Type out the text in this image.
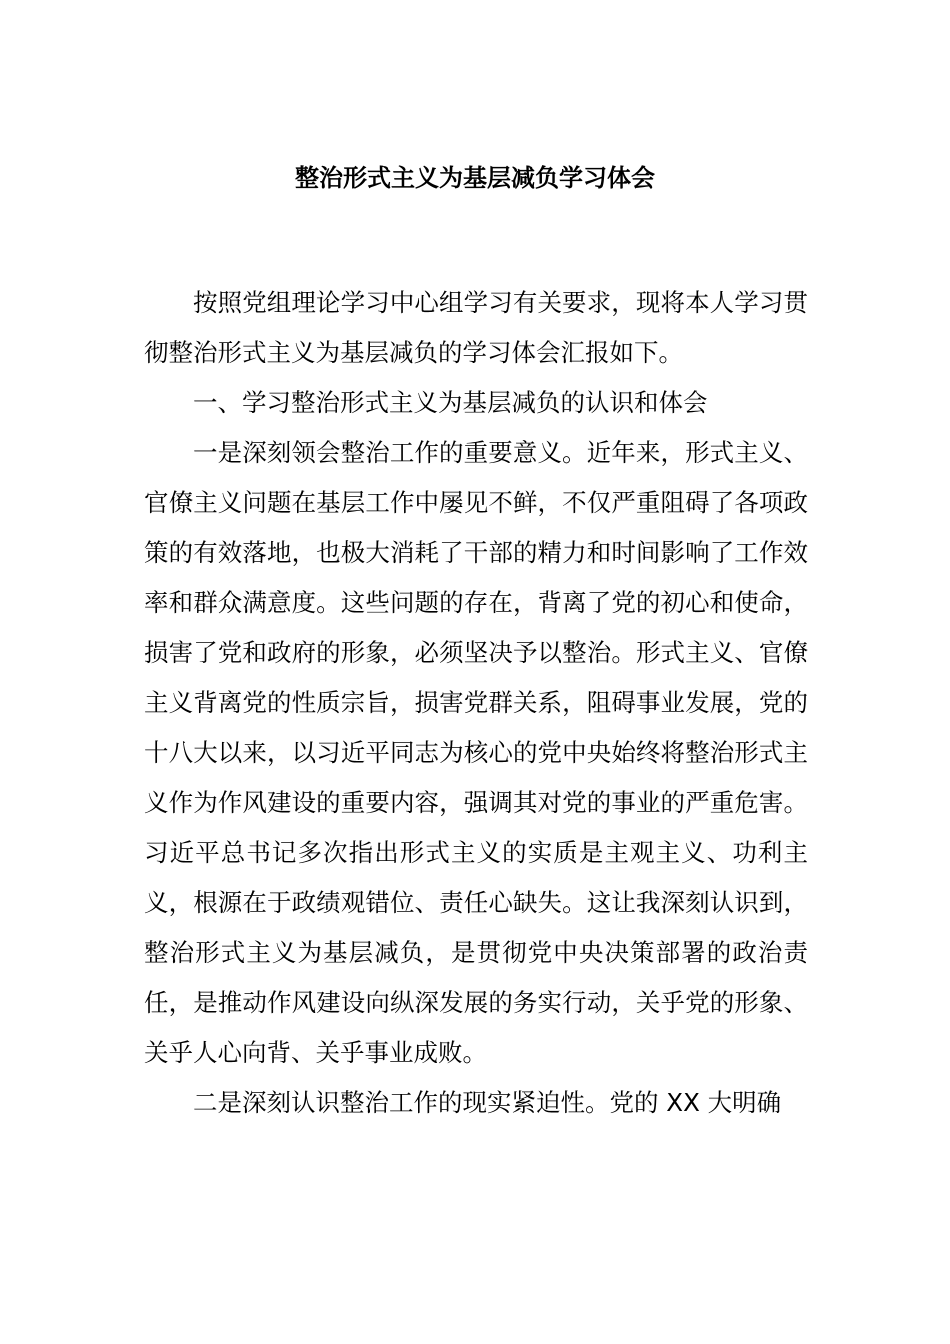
整治形式主义为基层减负学习体会

按照党组理论学习中心组学习有关要求，现将本人学习贯彻整治形式主义为基层减负的学习体会汇报如下。

一、学习整治形式主义为基层减负的认识和体会

一是深刻领会整治工作的重要意义。近年来，形式主义、官僚主义问题在基层工作中屡见不鲜，不仅严重阻碍了各项政策的有效落地，也极大消耗了干部的精力和时间影响了工作效率和群众满意度。这些问题的存在，背离了党的初心和使命，损害了党和政府的形象，必须坚决予以整治。形式主义、官僚主义背离党的性质宗旨，损害党群关系，阻碍事业发展，党的十八大以来，以习近平同志为核心的党中央始终将整治形式主义作为作风建设的重要内容，强调其对党的事业的严重危害。习近平总书记多次指出形式主义的实质是主观主义、功利主义，根源在于政绩观错位、责任心缺失。这让我深刻认识到，整治形式主义为基层减负，是贯彻党中央决策部署的政治责任，是推动作风建设向纵深发展的务实行动，关乎党的形象、关乎人心向背、关乎事业成败。

二是深刻认识整治工作的现实紧迫性。党的 XX 大明确
